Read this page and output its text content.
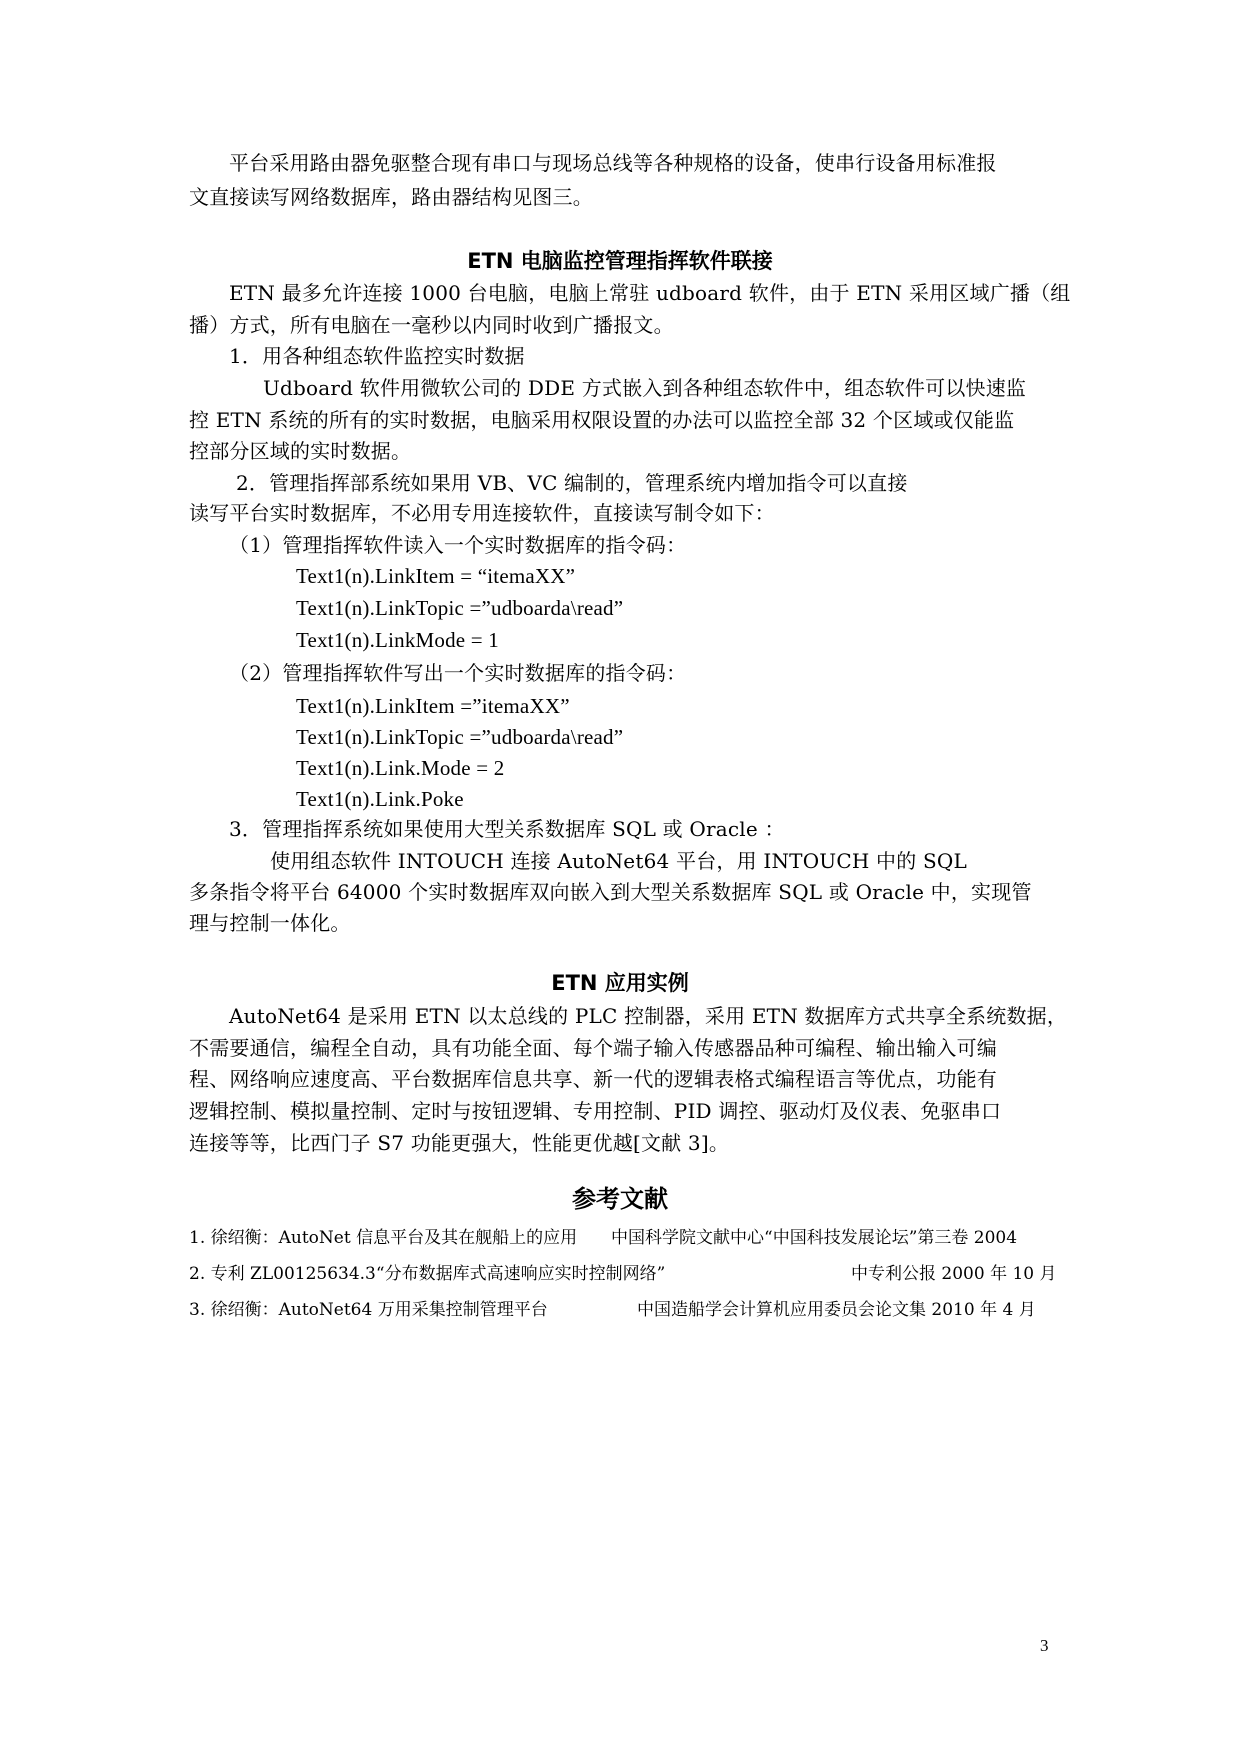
平台采用路由器免驱整合现有串口与现场总线等各种规格的设备，使串行设备用标准报
文直接读写网络数据库，路由器结构见图三。
ETN 电脑监控管理指挥软件联接
ETN 最多允许连接 1000 台电脑，电脑上常驻 udboard 软件，由于 ETN 采用区域广播（组
播）方式，所有电脑在一毫秒以内同时收到广播报文。
1．用各种组态软件监控实时数据
Udboard 软件用微软公司的 DDE 方式嵌入到各种组态软件中，组态软件可以快速监
控 ETN 系统的所有的实时数据，电脑采用权限设置的办法可以监控全部 32 个区域或仅能监
控部分区域的实时数据。
2．管理指挥部系统如果用 VB、VC 编制的，管理系统内增加指令可以直接
读写平台实时数据库，不必用专用连接软件，直接读写制令如下：
（1）管理指挥软件读入一个实时数据库的指令码：
Text1(n).LinkItem = “itemaXX”
Text1(n).LinkTopic =”udboarda\read”
Text1(n).LinkMode = 1
（2）管理指挥软件写出一个实时数据库的指令码：
Text1(n).LinkItem =”itemaXX”
Text1(n).LinkTopic =”udboarda\read”
Text1(n).Link.Mode = 2
Text1(n).Link.Poke
3．管理指挥系统如果使用大型关系数据库 SQL 或 Oracle ：
使用组态软件 INTOUCH 连接 AutoNet64 平台，用 INTOUCH 中的 SQL
多条指令将平台 64000 个实时数据库双向嵌入到大型关系数据库 SQL 或 Oracle 中，实现管
理与控制一体化。
ETN 应用实例
AutoNet64 是采用 ETN 以太总线的 PLC 控制器，采用 ETN 数据库方式共享全系统数据，
不需要通信，编程全自动，具有功能全面、每个端子输入传感器品种可编程、输出输入可编
程、网络响应速度高、平台数据库信息共享、新一代的逻辑表格式编程语言等优点，功能有
逻辑控制、模拟量控制、定时与按钮逻辑、专用控制、PID 调控、驱动灯及仪表、免驱串口
连接等等，比西门子 S7 功能更强大，性能更优越[文献 3]。
参考文献
1. 徐绍衡：AutoNet 信息平台及其在舰船上的应用 中国科学院文献中心“中国科技发展论坛”第三卷 2004
2. 专利 ZL00125634.3“分布数据库式高速响应实时控制网络”	中专利公报 2000 年 10 月
3. 徐绍衡：AutoNet64 万用采集控制管理平台	中国造船学会计算机应用委员会论文集 2010 年 4 月
3
